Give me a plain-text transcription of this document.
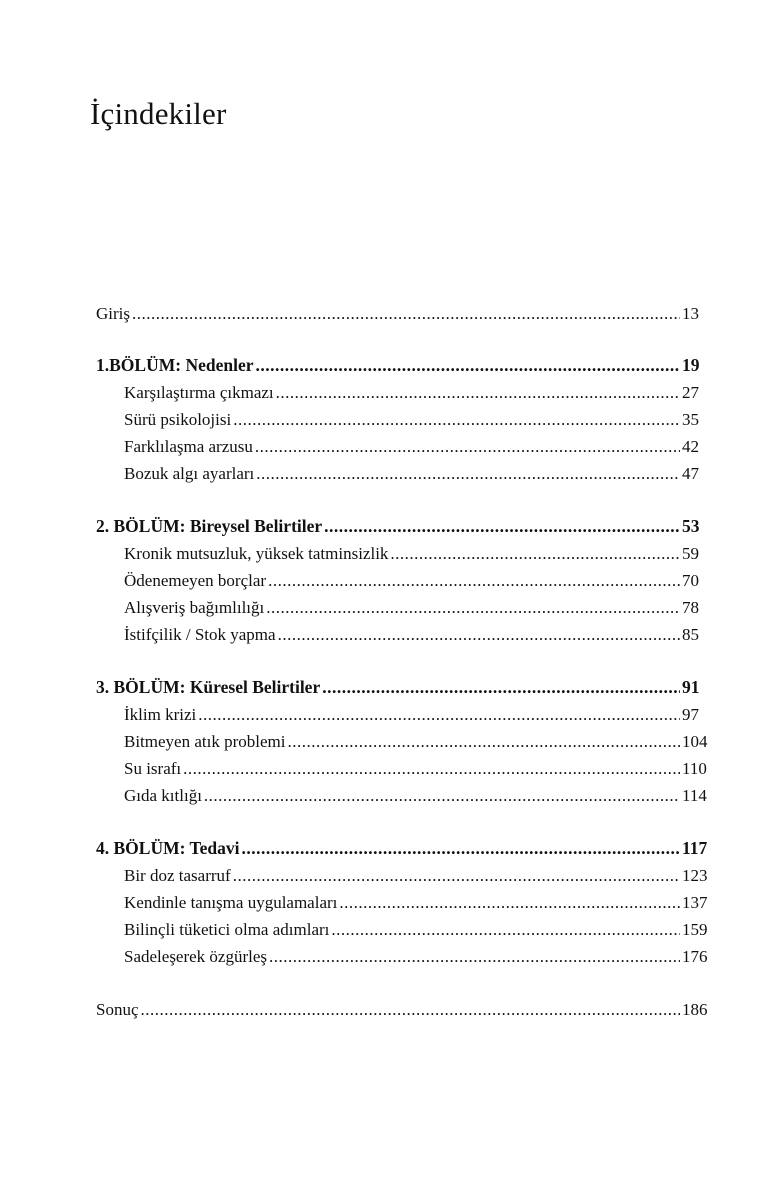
İçindekiler
Giriş .....	13
1.BÖLÜM: Nedenler .....	19
Karşılaştırma çıkmazı .....	27
Sürü psikolojisi .....	35
Farklılaşma arzusu .....	42
Bozuk algı ayarları .....	47
2. BÖLÜM: Bireysel Belirtiler .....	53
Kronik mutsuzluk, yüksek tatminsizlik .....	59
Ödenemeyen borçlar .....	70
Alışveriş bağımlılığı .....	78
İstifçilik / Stok yapma .....	85
3. BÖLÜM: Küresel Belirtiler .....	91
İklim krizi .....	97
Bitmeyen atık problemi .....	104
Su israfı .....	110
Gıda kıtlığı .....	114
4. BÖLÜM: Tedavi .....	117
Bir doz tasarruf .....	123
Kendinle tanışma uygulamaları .....	137
Bilinçli tüketici olma adımları .....	159
Sadeleşerek özgürleş .....	176
Sonuç .....	186
